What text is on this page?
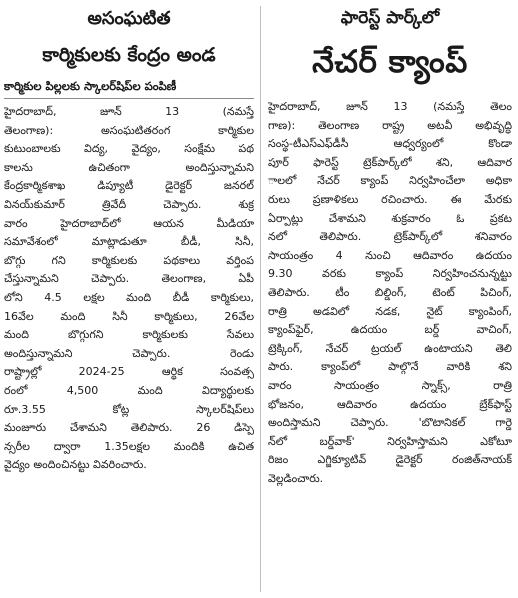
అసంఘటిత

కార్మికులకు కేంద్రం అండ

కార్మికుల పిల్లలకు స్కాలర్‌షిప్‌ల పంపిణీ
హైదరాబాద్, జూన్ 13 (నమస్తే
తెలంగాణ): అసంఘటితరంగ కార్మికుల
కుటుంబాలకు విద్య, వైద్యం, సంక్షేమ పథ
కాలను ఉచితంగా అందిస్తున్నామని
కేంద్రకార్మికశాఖ డిప్యూటీ డైరెక్టర్ జనరల్
వినయ్‌కుమార్ త్రివేదీ చెప్పారు. శుక్ర
వారం హైదరాబాద్‌లో ఆయన మీడియా
సమావేశంలో మాట్లాడుతూ బీడీ, సినీ,
బొగ్గు గని కార్మికులకు పథకాలు వర్తింప
చేస్తున్నామని చెప్పారు. తెలంగాణ, ఏపీ
లోని 4.5 లక్షల మంది బీడీ కార్మికులు,
16వేల మంది సినీ కార్మికులు, 26వేల
మంది బొగ్గుగని కార్మికులకు సేవలు
అందిస్తున్నామని చెప్పారు. రెండు
రాష్ట్రాల్లో 2024-25 ఆర్థిక సంవత్స
రంలో 4,500 మంది విద్యార్థులకు
రూ.3.55 కోట్ల స్కాలర్‌షిప్‌లు
మంజూరు చేశామని తెలిపారు. 26 డిస్పె
న్సరీల ద్వారా 1.35లక్షల మందికి ఉచిత
వైద్యం అందించినట్టు వివరించారు.

ఫారెస్ట్ పార్క్‌లో

నేచర్ క్యాంప్

హైదరాబాద్, జూన్ 13 (నమస్తే తెలం
గాణ): తెలంగాణ రాష్ట్ర అటవీ అభివృద్ధి
సంస్థ-టీఎస్ఎఫ్‌డీసీ ఆధ్వర్యంలో కొండా
పూర్ ఫారెస్ట్ ట్రెక్‌పార్క్‌లో శని, ఆదివార
ాలలో నేచర్ క్యాంప్ నిర్వహించేలా అధికా
రులు ప్రణాళికలు రచించారు. ఈ మేరకు
ఏర్పాట్లు చేశామని శుక్రవారం ఓ ప్రకట
నలో తెలిపారు. ట్రెక్‌పార్క్‌లో శనివారం
సాయంత్రం 4 నుంచి ఆదివారం ఉదయం
9.30 వరకు క్యాంప్ నిర్వహించనున్నట్టు
తెలిపారు. టీం బిల్డింగ్, టెంట్ పిచింగ్,
రాత్రి అడవిలో నడక, నైట్ క్యాంపింగ్,
క్యాంప్‌ఫైర్, ఉదయం బర్డ్ వాచింగ్,
ట్రెక్కింగ్, నేచర్ ట్రయల్ ఉంటాయని తెలి
పారు. క్యాంప్‌లో పాల్గొనే వారికి శని
వారం సాయంత్రం స్నాక్స్, రాత్రి
భోజనం, ఆదివారం ఉదయం బ్రేక్‌ఫాస్ట్
అందిస్తామని చెప్పారు. 'బొటానికల్ గార్డె
న్‌లో బర్డ్‌వాక్' నిర్వహిస్తామని ఎకోటూ
రిజం ఎగ్జిక్యూటివ్ డైరెక్టర్ రంజిత్‌నాయక్
వెల్లడించారు.
